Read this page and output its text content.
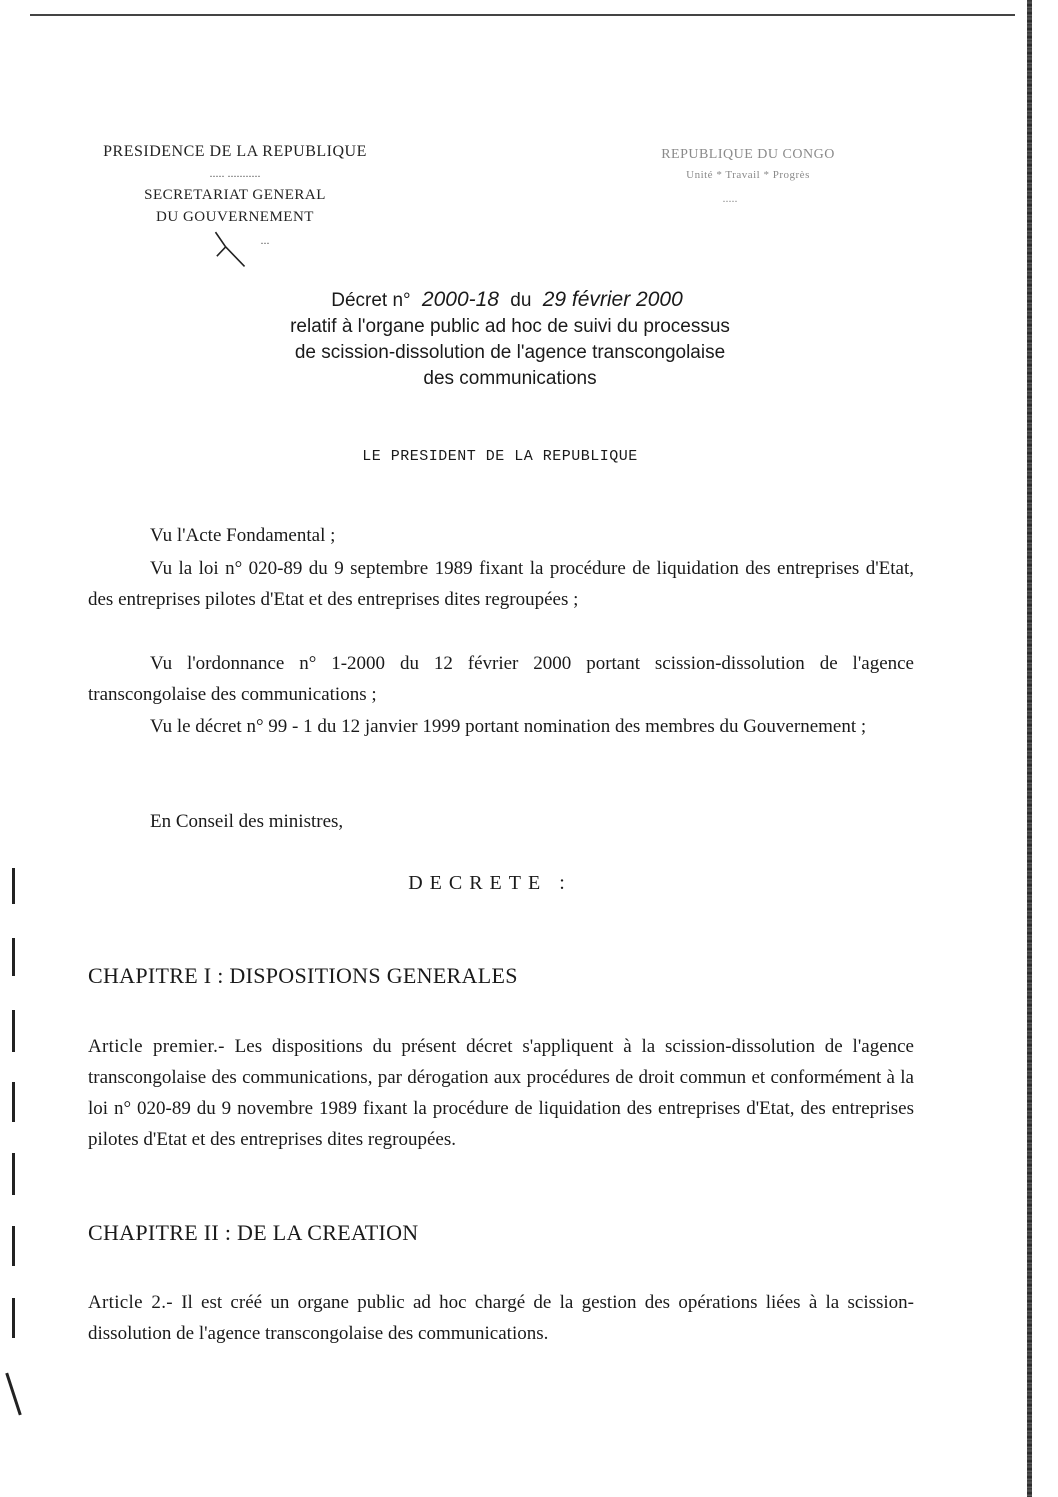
PRESIDENCE DE LA REPUBLIQUE
..... ...........
SECRETARIAT GENERAL
DU GOUVERNEMENT
...
REPUBLIQUE DU CONGO
Unité * Travail * Progrès
.....
Décret n° 2000-18 du 29 février 2000
relatif à l'organe public ad hoc de suivi du processus
de scission-dissolution de l'agence transcongolaise
des communications
LE PRESIDENT DE LA REPUBLIQUE
Vu l'Acte Fondamental ;
Vu la loi n° 020-89 du 9 septembre 1989 fixant la procédure de liquidation des entreprises d'Etat, des entreprises pilotes d'Etat et des entreprises dites regroupées ;
Vu l'ordonnance n° 1-2000 du 12 février 2000 portant scission-dissolution de l'agence transcongolaise des communications ;
Vu le décret n° 99 - 1 du 12 janvier 1999 portant nomination des membres du Gouvernement ;
En Conseil des ministres,
DECRETE :
CHAPITRE I : DISPOSITIONS GENERALES
Article premier.- Les dispositions du présent décret s'appliquent à la scission-dissolution de l'agence transcongolaise des communications, par dérogation aux procédures de droit commun et conformément à la loi n° 020-89 du 9 novembre 1989 fixant la procédure de liquidation des entreprises d'Etat, des entreprises pilotes d'Etat et des entreprises dites regroupées.
CHAPITRE II : DE LA CREATION
Article 2.- Il est créé un organe public ad hoc chargé de la gestion des opérations liées à la scission-dissolution de l'agence transcongolaise des communications.
